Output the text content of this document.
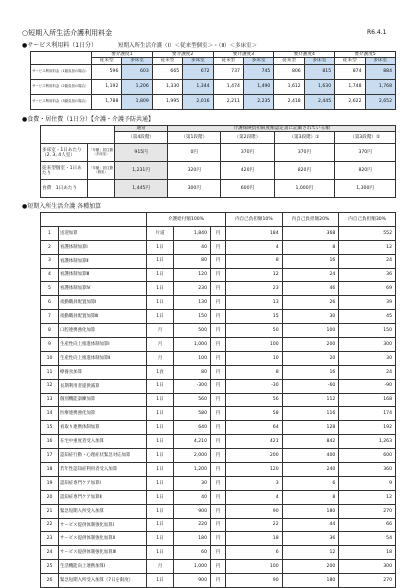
○短期入所生活介護利用料金	R6.4.1
●サービス利用料（1日分）	短期入所生活介護（Ⅰ）＜従来型個室＞・（Ⅱ）＜多床室＞
	要介護度1		要介護度2		要介護度3		要介護度4		要介護度5	
	従来型	多床室	従来型	多床室	従来型	多床室	従来型	多床室	従来型	多床室
サービス利用料金（1割負担の場合）	596	603	665	672	737	745	806	815	874	884
サービス利用料金（2割負担の場合）	1,192	1,206	1,330	1,344	1,474	1,490	1,612	1,630	1,748	1,768
サービス利用料金（3割負担の場合）	1,788	1,809	1,995	2,016	2,211	2,235	2,418	2,445	2,622	2,652
●食費・居住費（1日分）【介護・介護予防共通】
		通常	介護保険負担限度額認定書に記載されている額			
		（第4段階）	（第1段階）	（第2段階）	（第3段階）①	（第3段階）②
多床室・1日あたり（2, 3, 4人室）	「年額」居住費（多床室）	915円	0円	370円	370円	370円
従来型個室・1日あたり	「年額」居住費（個室）	1,231円	320円	420円	820円	820円
食費　1日あたり		1,445円	300円	600円	1,000円	1,300円
●短期入所生活介護 各種加算
		介護給付額100%			内自己負担額10%	内自己負担額20%	内自己負担額30%
1	送迎加算	片道	1,840	円	184	368	552
2	看護体制加算Ⅰ	1日	40	円	4	8	12
3	看護体制加算Ⅱ	1日	80	円	8	16	24
4	看護体制加算Ⅲ	1日	120	円	12	24	36
5	看護体制加算Ⅳ	1日	230	円	23	46	69
6	夜勤職員配置加算Ⅰ	1日	130	円	13	26	39
7	夜勤職員配置加算Ⅲ	1日	150	円	15	30	45
8	口腔連携強化加算	月	500	円	50	100	150
9	生産性向上推進体制加算Ⅰ	月	1,000	円	100	200	300
10	生産性向上推進体制加算Ⅱ	月	100	円	10	20	30
11	療養食加算	1食	80	円	8	16	24
12	長期利用者提供減算	1日	-300	円	-30	-60	-90
13	個別機能訓練加算	1日	560	円	56	112	168
14	医療連携強化加算	1日	580	円	58	116	174
15	看取り連携体制加算	1日	640	円	64	128	192
16	在宅中重度者受入加算	1日	4,210	円	421	842	1,263
17	認知症行動・心理症状緊急対応加算	1日	2,000	円	200	400	600
18	若年性認知症利用者受入加算	1日	1,200	円	120	240	360
19	認知症専門ケア加算Ⅰ	1日	30	円	3	6	9
20	認知症専門ケア加算Ⅱ	1日	40	円	4	8	12
21	緊急短期入所受入加算	1日	900	円	90	180	270
22	サービス提供体制強化加算Ⅰ	1日	220	円	22	44	66
23	サービス提供体制強化加算Ⅱ	1日	180	円	18	36	54
24	サービス提供体制強化加算Ⅲ	1日	60	円	6	12	18
25	生活機能向上連携加算Ⅰ	月	1,000	円	100	200	300
26	緊急短期入所受入加算（7日を限度）	1日	900	円	90	180	270
